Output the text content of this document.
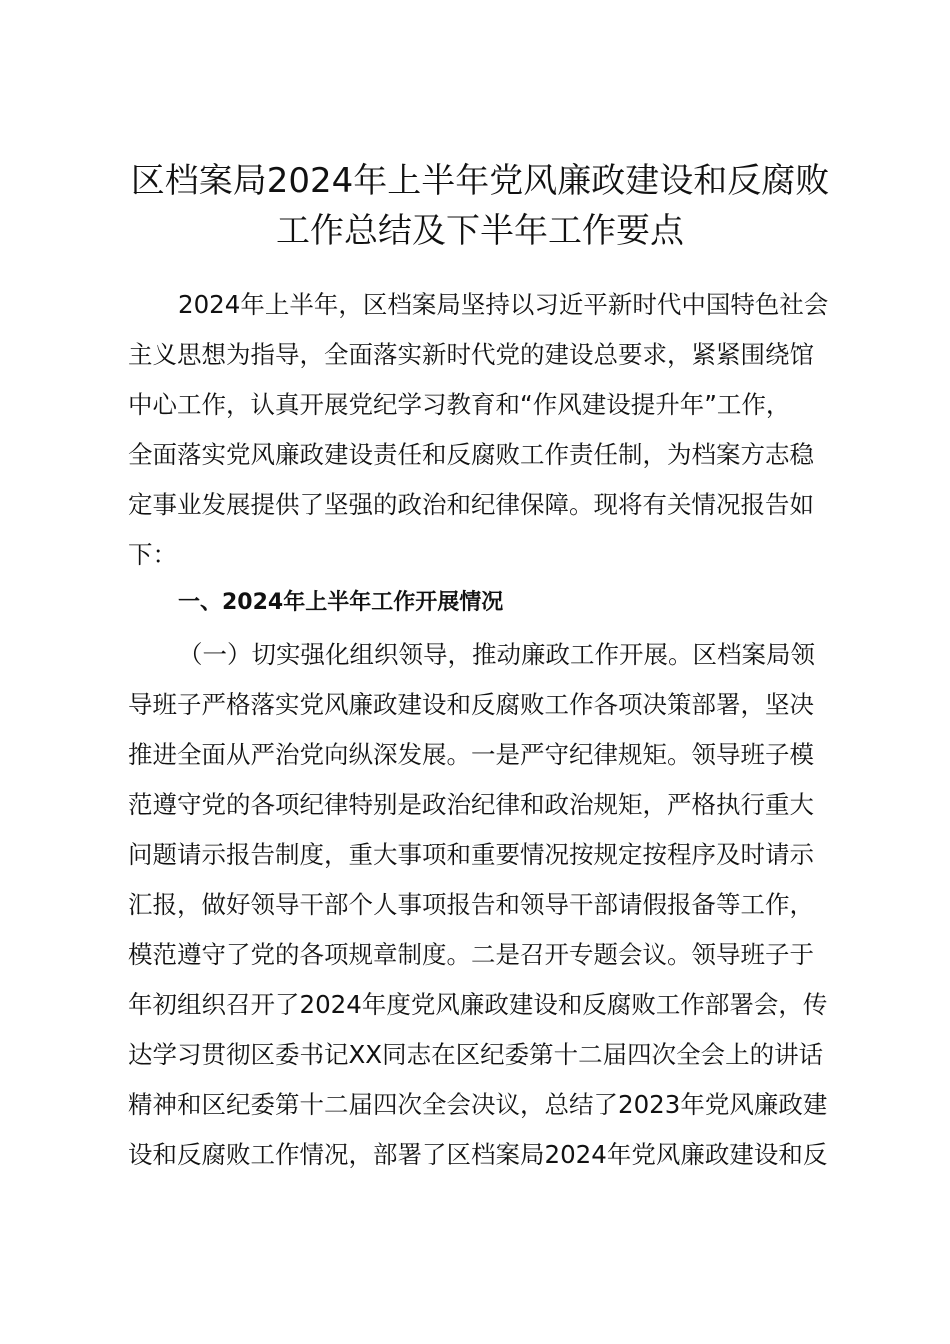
区档案局2024年上半年党风廉政建设和反腐败
工作总结及下半年工作要点
2024年上半年，区档案局坚持以习近平新时代中国特色社会
主义思想为指导，全面落实新时代党的建设总要求，紧紧围绕馆
中心工作，认真开展党纪学习教育和“作风建设提升年”工作，
全面落实党风廉政建设责任和反腐败工作责任制，为档案方志稳
定事业发展提供了坚强的政治和纪律保障。现将有关情况报告如
下：
一、2024年上半年工作开展情况
（一）切实强化组织领导，推动廉政工作开展。区档案局领
导班子严格落实党风廉政建设和反腐败工作各项决策部署，坚决
推进全面从严治党向纵深发展。一是严守纪律规矩。领导班子模
范遵守党的各项纪律特别是政治纪律和政治规矩，严格执行重大
问题请示报告制度，重大事项和重要情况按规定按程序及时请示
汇报，做好领导干部个人事项报告和领导干部请假报备等工作，
模范遵守了党的各项规章制度。二是召开专题会议。领导班子于
年初组织召开了2024年度党风廉政建设和反腐败工作部署会，传
达学习贯彻区委书记XX同志在区纪委第十二届四次全会上的讲话
精神和区纪委第十二届四次全会决议，总结了2023年党风廉政建
设和反腐败工作情况，部署了区档案局2024年党风廉政建设和反
